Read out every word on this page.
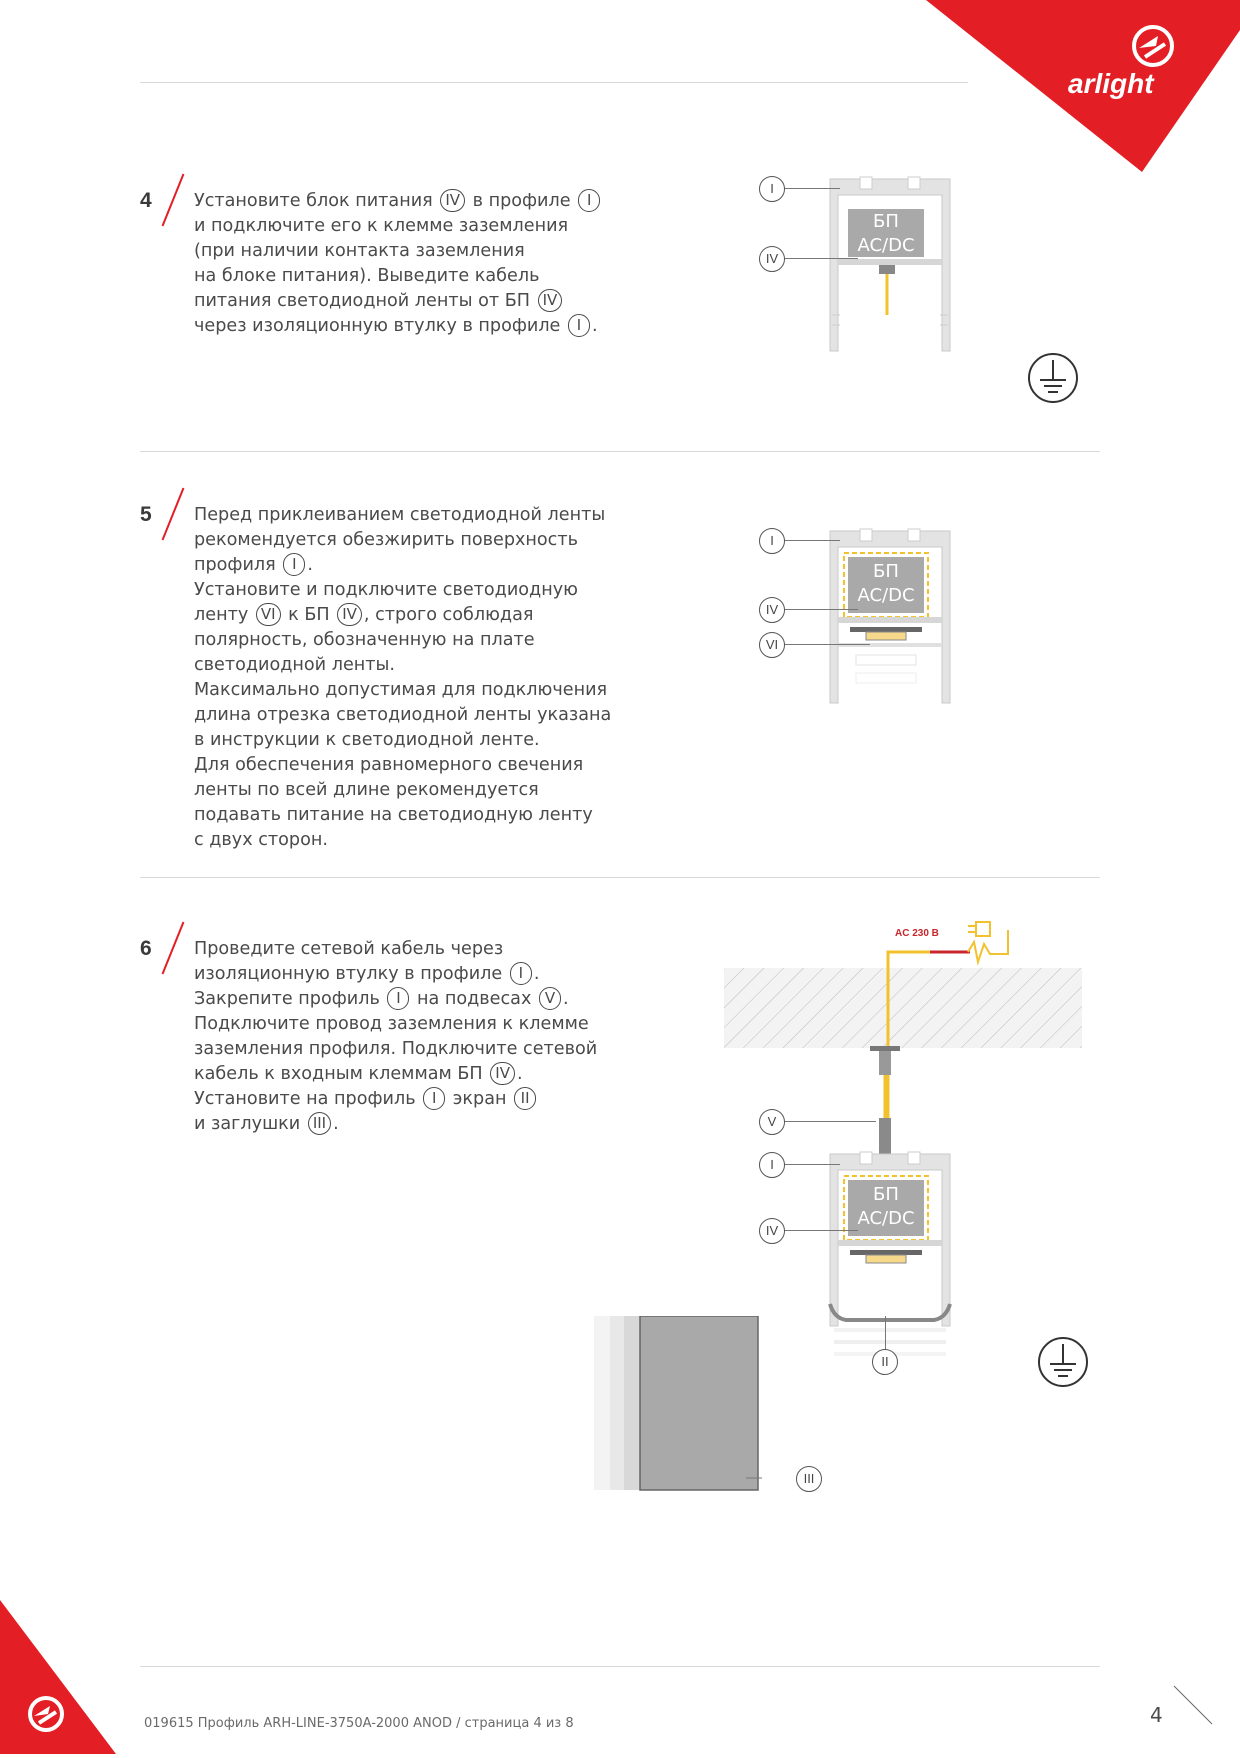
arlight
4 Установите блок питания IV в профиле I

и подключите его к клемме заземления

(при наличии контакта заземления

на блоке питания). Выведите кабель

питания светодиодной ленты от БП IV

через изоляционную втулку в профиле I .

5 Перед приклеиванием светодиодной ленты

рекомендуется обезжирить поверхность

профиля I .

Установите и подключите светодиодную

ленту VI к БП IV , строго соблюдая

полярность, обозначенную на плате

светодиодной ленты.

Максимально допустимая для подключения

длина отрезка светодиодной ленты указана

в инструкции к светодиодной ленте.

Для обеспечения равномерного свечения

ленты по всей длине рекомендуется

подавать питание на светодиодную ленту

с двух сторон.

6 Проведите сетевой кабель через

изоляционную втулку в профиле I .

Закрепите профиль I на подвесах V .

Подключите провод заземления к клемме

заземления профиля. Подключите сетевой

кабель к входным клеммам БП IV .

Установите на профиль I экран II

и заглушки III .

БП
AC/DC
I
IV
БП
AC/DC
I
IV
VI
AC 230 В
БП
AC/DC
V
I
IV
II
III
019615 Профиль ARH-LINE-3750A-2000 ANOD / страница 4 из 8	4
